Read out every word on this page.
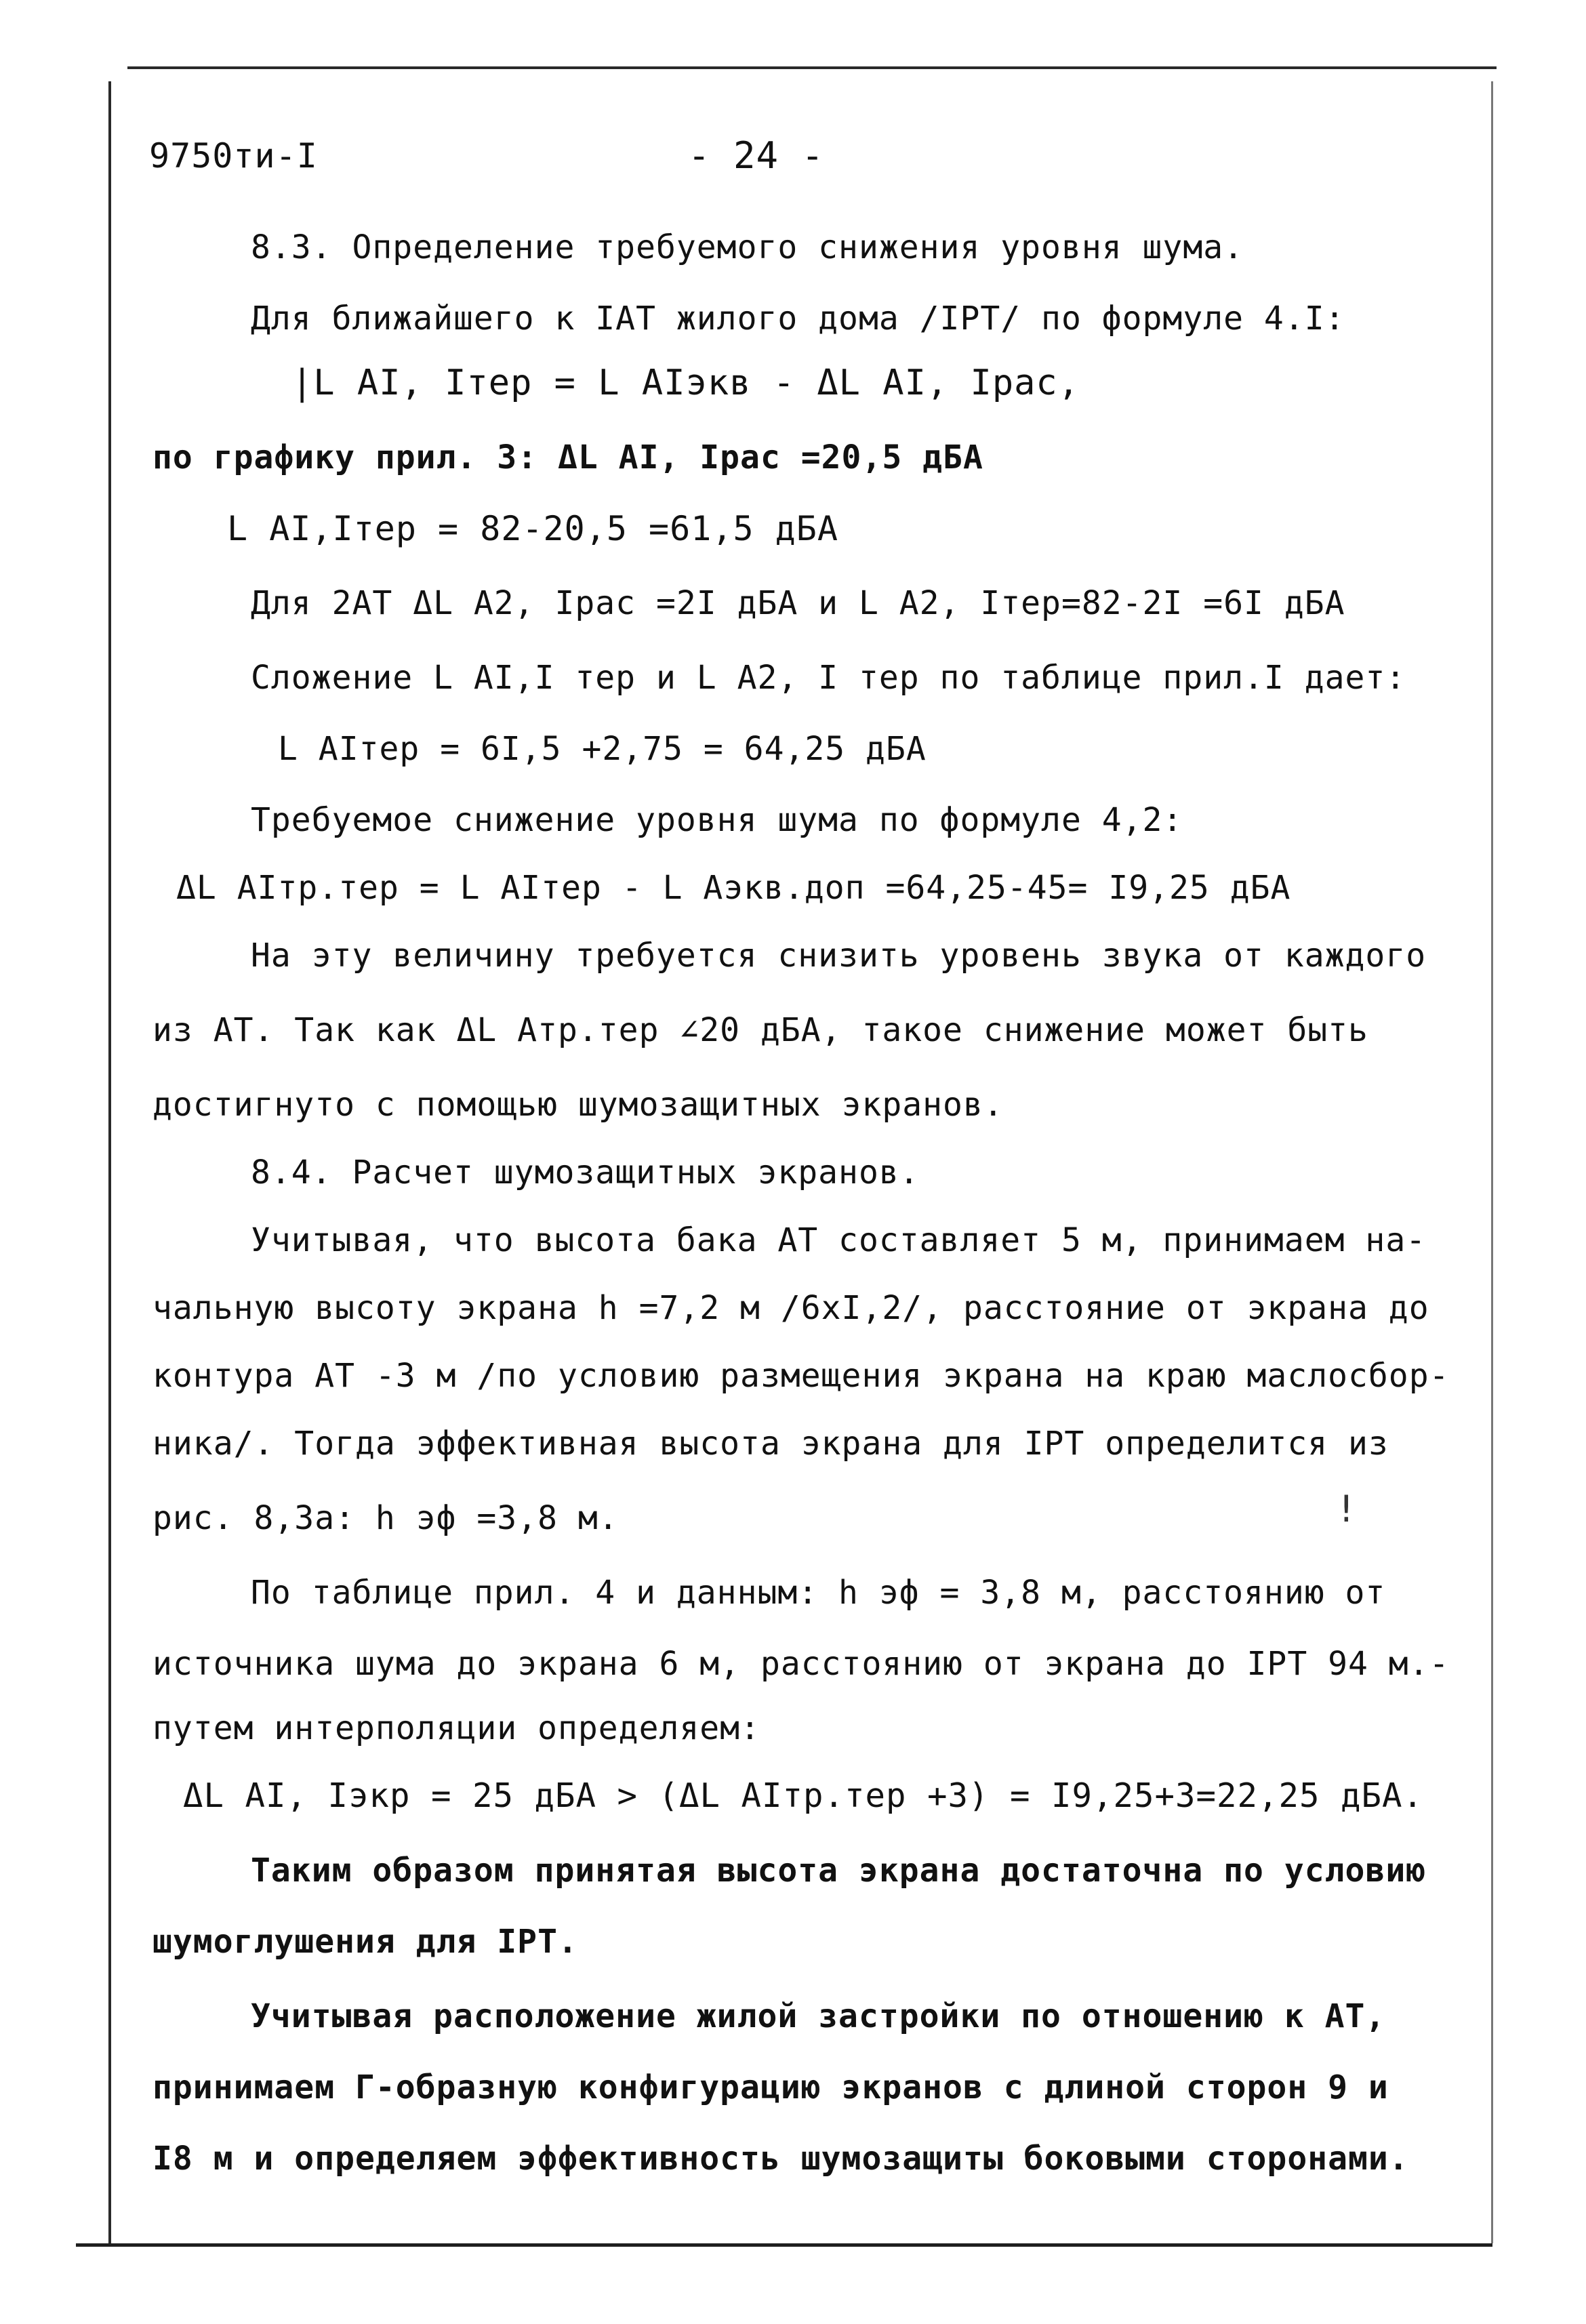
9750ти-I	- 24 -
8.3. Определение требуемого снижения уровня шума.
Для ближайшего к IАТ жилого дома /IPТ/ по формуле 4.I:
|L AI, Iтер = L AIэкв - ΔL AI, Iрас,
по графику прил. 3: ΔL AI, Iрас =20,5 дБА
L AI,Iтер = 82-20,5 =61,5 дБА
Для 2АТ ΔL A2, Iрас =2I дБА и L A2, Iтер=82-2I =6I дБА
Сложение L AI,I тер и L A2, I тер по таблице прил.I дает:
L AIтер = 6I,5 +2,75 = 64,25 дБА
Требуемое снижение уровня шума по формуле 4,2:
ΔL AIтр.тер = L AIтер - L Aэкв.доп =64,25-45= I9,25 дБА
На эту величину требуется снизить уровень звука от каждого
из АТ. Так как ΔL Атр.тер ∠20 дБА, такое снижение может быть
достигнуто с помощью шумозащитных экранов.
8.4. Расчет шумозащитных экранов.
Учитывая, что высота бака АТ составляет 5 м, принимаем на-
чальную высоту экрана h =7,2 м /6хI,2/, расстояние от экрана до
контура АТ -3 м /по условию размещения экрана на краю маслосбор-
ника/. Тогда эффективная высота экрана для IPТ определится из
рис. 8,3а: h эф =3,8 м.	!
По таблице прил. 4 и данным: h эф = 3,8 м, расстоянию от
источника шума до экрана 6 м, расстоянию от экрана до IPТ 94 м.-
путем интерполяции определяем:
ΔL AI, Iэкр = 25 дБА > (ΔL AIтр.тер +3) = I9,25+3=22,25 дБА.
Таким образом принятая высота экрана достаточна по условию
шумоглушения для IPТ.
Учитывая расположение жилой застройки по отношению к АТ,
принимаем Г-образную конфигурацию экранов с длиной сторон 9 и
I8 м и определяем эффективность шумозащиты боковыми сторонами.
